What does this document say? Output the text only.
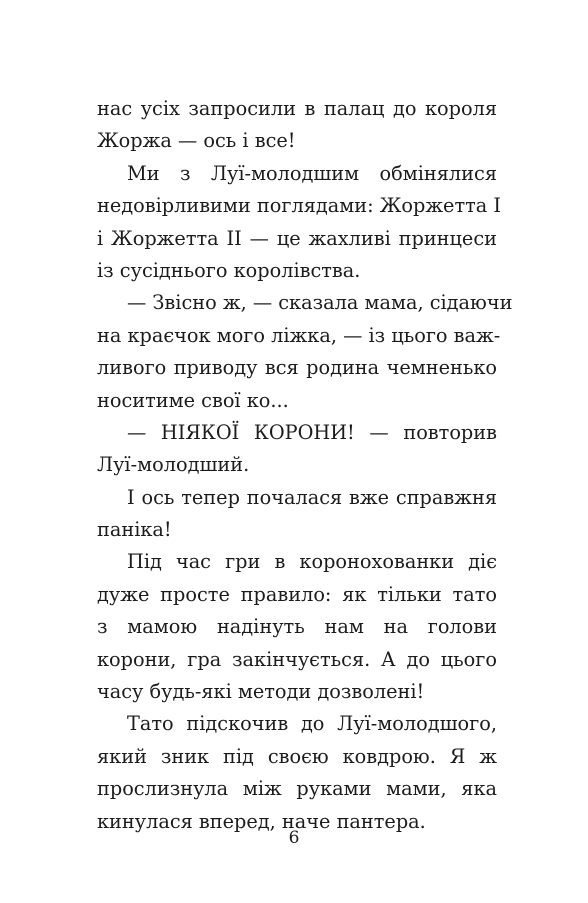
нас усіх запросили в палац до короля
Жоржа — ось і все!
Ми з Луї-молодшим обмінялися
недовірливими поглядами: Жоржетта I
і Жоржетта II — це жахливі принцеси
із сусіднього королівства.
— Звісно ж, — сказала мама, сідаючи
на краєчок мого ліжка, — із цього важ-
ливого приводу вся родина чемненько
носитиме свої ко...
— НІЯКОЇ КОРОНИ! — повторив
Луї-молодший.
І ось тепер почалася вже справжня
паніка!
Під час гри в короноховaнки діє
дуже просте правило: як тільки тато
з мамою надінуть нам на голови
корони, гра закінчується. А до цього
часу будь-які методи дозволені!
Тато підскочив до Луї-молодшого,
який зник під своєю ковдрою. Я ж
прослизнула між руками мами, яка
кинулася вперед, наче пантера.
6
